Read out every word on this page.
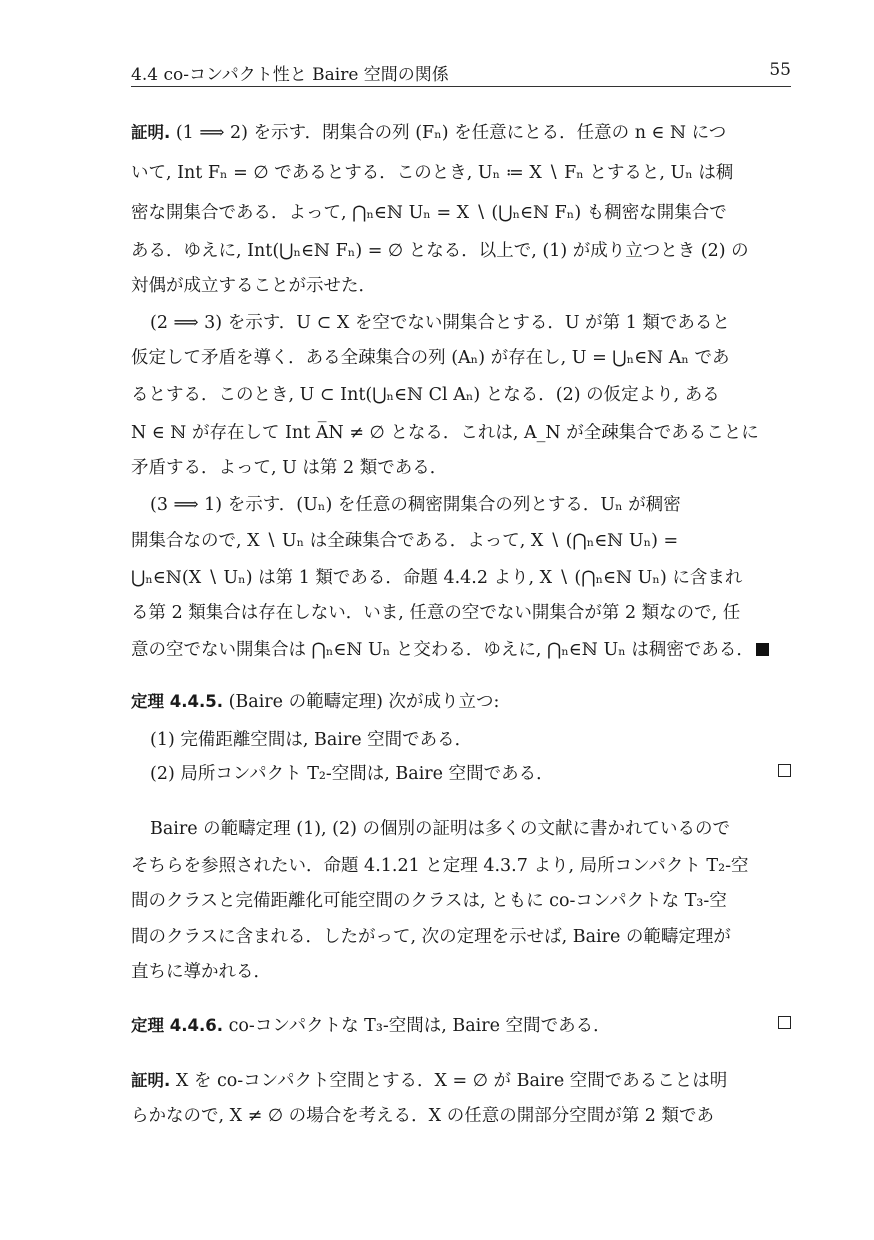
4.4 co-コンパクト性と Baire 空間の関係	55
証明. (1 ⟹ 2) を示す．閉集合の列 (Fₙ) を任意にとる．任意の n ∈ ℕ につ
いて, Int Fₙ = ∅ であるとする．このとき, Uₙ ≔ X ∖ Fₙ とすると, Uₙ は稠
密な開集合である．よって, ⋂ₙ∈ℕ Uₙ = X ∖ (⋃ₙ∈ℕ Fₙ) も稠密な開集合で
ある．ゆえに, Int(⋃ₙ∈ℕ Fₙ) = ∅ となる．以上で, (1) が成り立つとき (2) の
対偶が成立することが示せた．
(2 ⟹ 3) を示す．U ⊂ X を空でない開集合とする．U が第 1 類であると
仮定して矛盾を導く．ある全疎集合の列 (Aₙ) が存在し, U = ⋃ₙ∈ℕ Aₙ であ
るとする．このとき, U ⊂ Int(⋃ₙ∈ℕ Cl Aₙ) となる．(2) の仮定より, ある
N ∈ ℕ が存在して Int A̅N ≠ ∅ となる．これは, A_N が全疎集合であることに
矛盾する．よって, U は第 2 類である．
(3 ⟹ 1) を示す．(Uₙ) を任意の稠密開集合の列とする．Uₙ が稠密
開集合なので, X ∖ Uₙ は全疎集合である．よって, X ∖ (⋂ₙ∈ℕ Uₙ) =
⋃ₙ∈ℕ(X ∖ Uₙ) は第 1 類である．命題 4.4.2 より, X ∖ (⋂ₙ∈ℕ Uₙ) に含まれ
る第 2 類集合は存在しない．いま, 任意の空でない開集合が第 2 類なので, 任
意の空でない開集合は ⋂ₙ∈ℕ Uₙ と交わる．ゆえに, ⋂ₙ∈ℕ Uₙ は稠密である．
定理 4.4.5. (Baire の範疇定理) 次が成り立つ:
(1) 完備距離空間は, Baire 空間である．
(2) 局所コンパクト T₂-空間は, Baire 空間である．
Baire の範疇定理 (1), (2) の個別の証明は多くの文献に書かれているので
そちらを参照されたい．命題 4.1.21 と定理 4.3.7 より, 局所コンパクト T₂-空
間のクラスと完備距離化可能空間のクラスは, ともに co-コンパクトな T₃-空
間のクラスに含まれる．したがって, 次の定理を示せば, Baire の範疇定理が
直ちに導かれる．
定理 4.4.6. co-コンパクトな T₃-空間は, Baire 空間である．
証明. X を co-コンパクト空間とする．X = ∅ が Baire 空間であることは明
らかなので, X ≠ ∅ の場合を考える．X の任意の開部分空間が第 2 類であ
